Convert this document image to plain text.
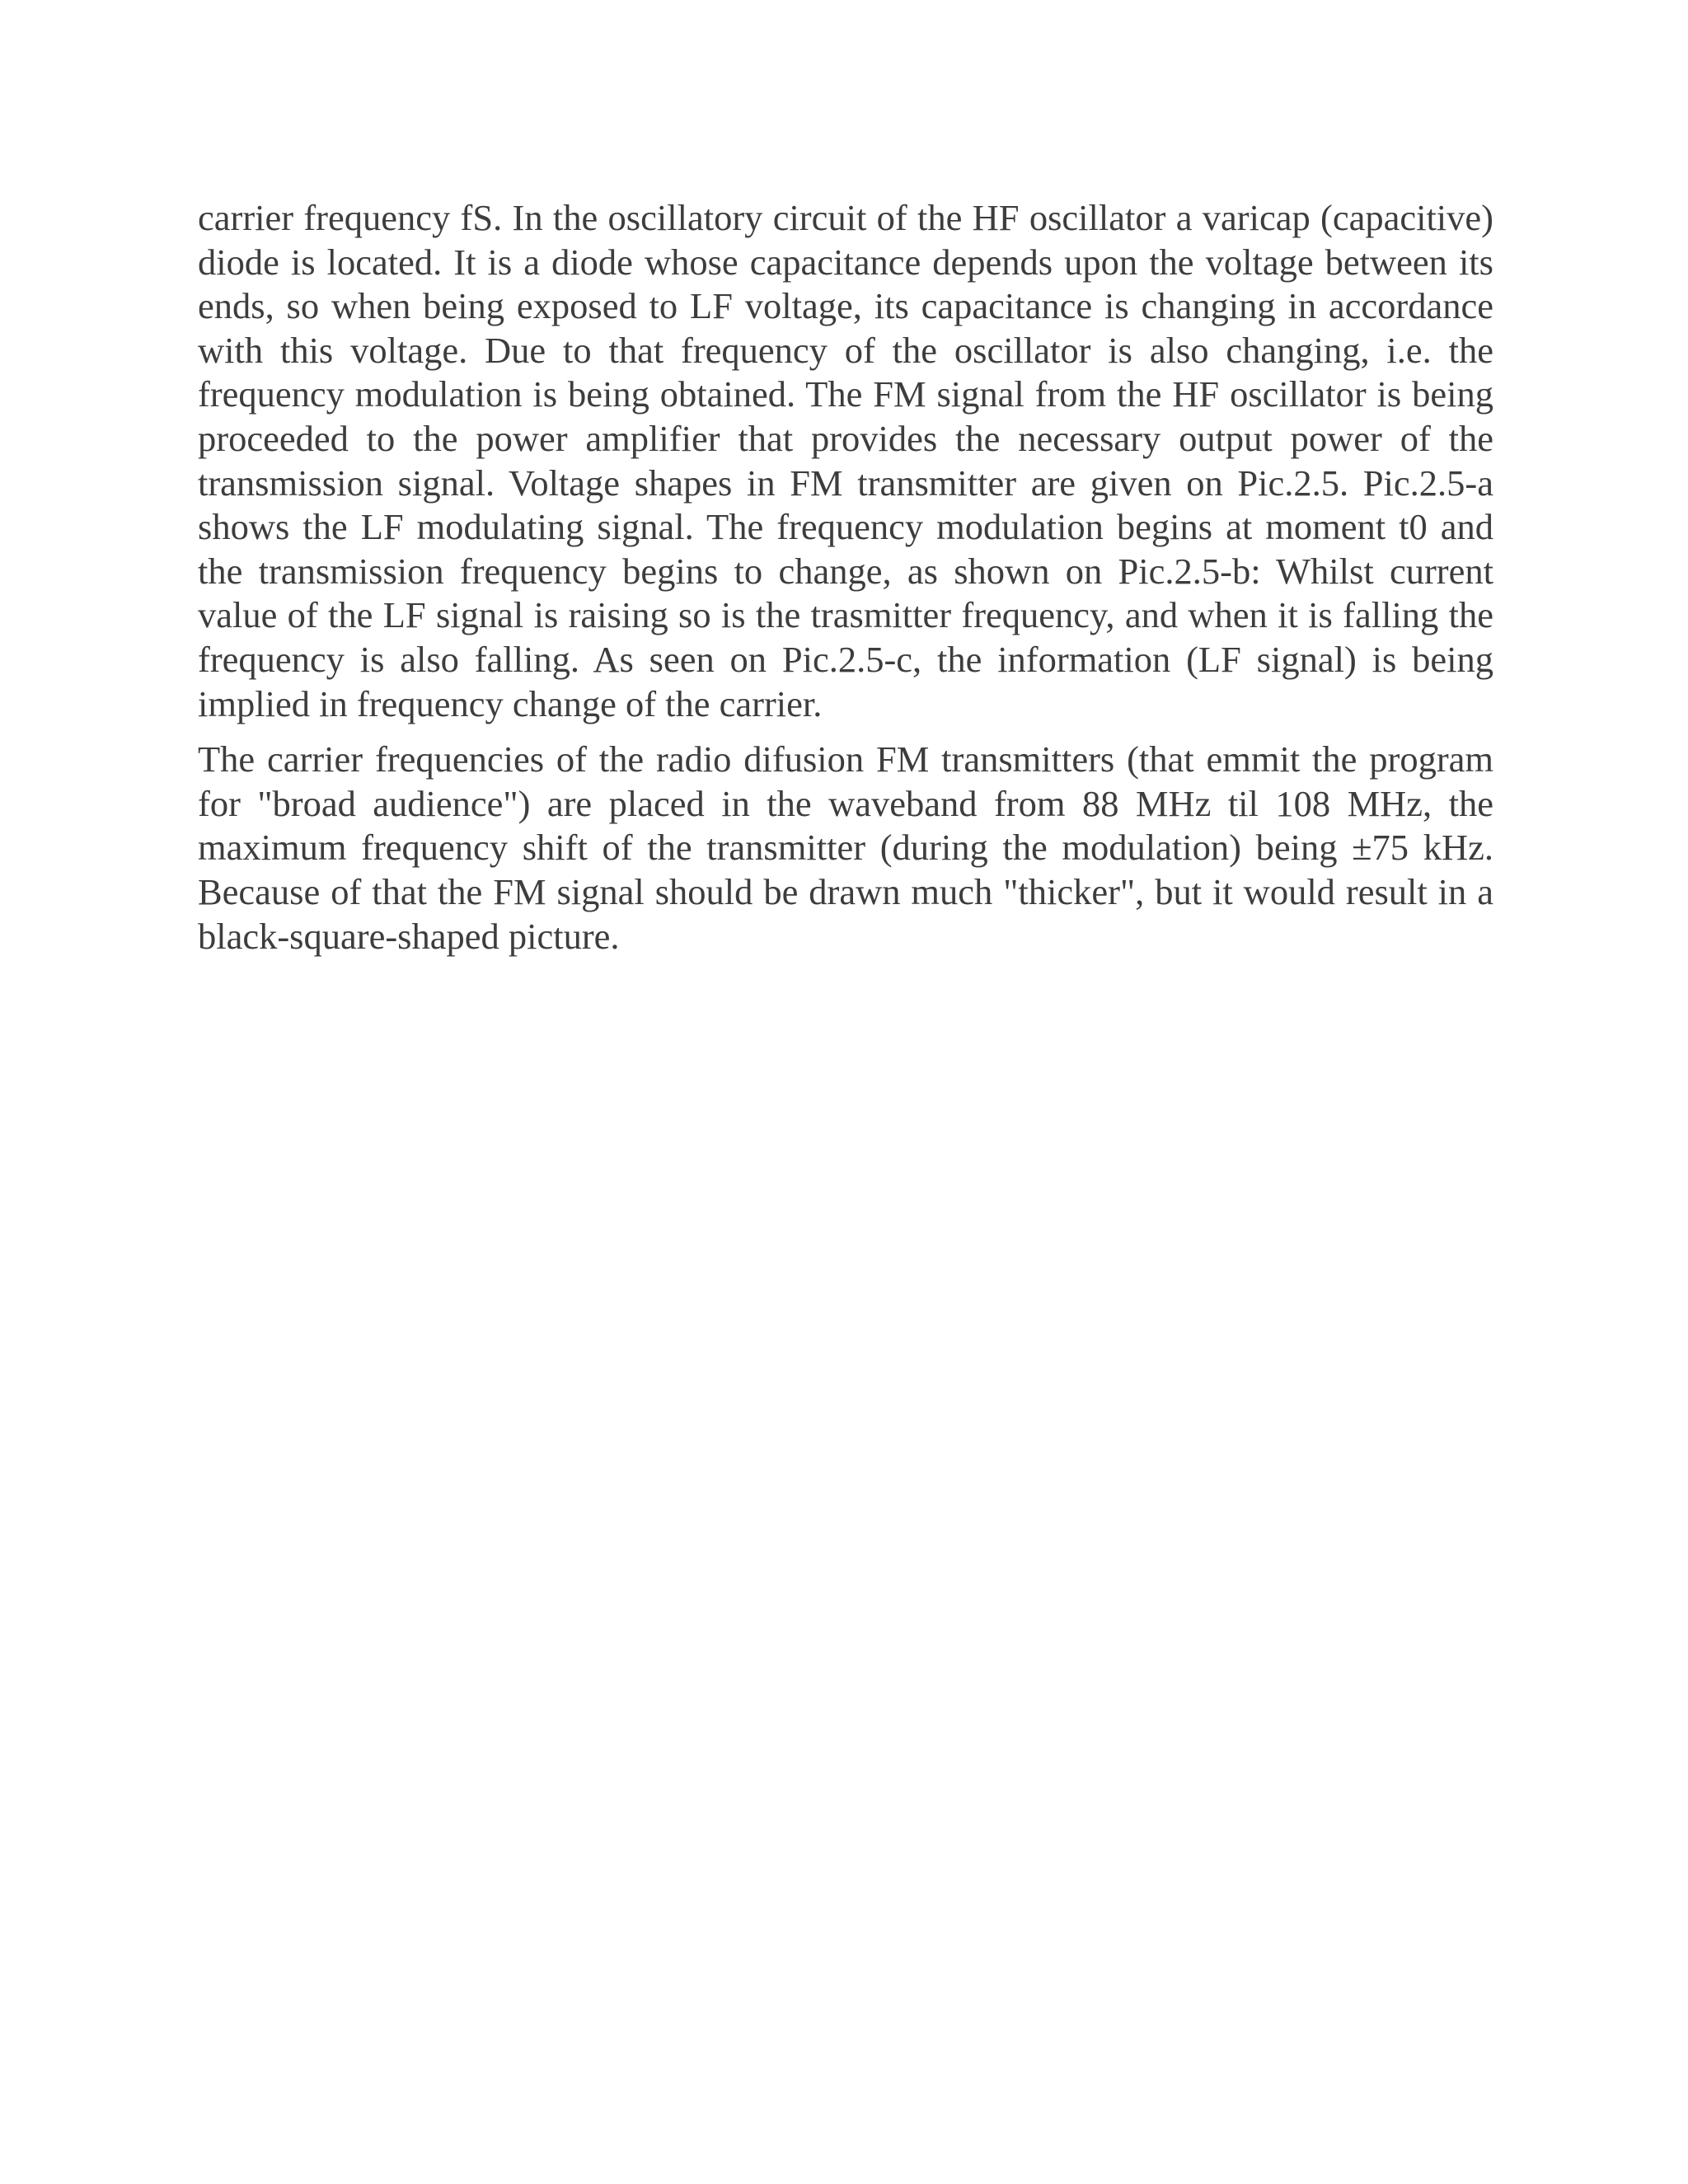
carrier frequency fS. In the oscillatory circuit of the HF oscillator a varicap (capacitive) diode is located. It is a diode whose capacitance depends upon the voltage between its ends, so when being exposed to LF voltage, its capacitance is changing in accordance with this voltage. Due to that frequency of the oscillator is also changing, i.e. the frequency modulation is being obtained. The FM signal from the HF oscillator is being proceeded to the power amplifier that provides the necessary output power of the transmission signal. Voltage shapes in FM transmitter are given on Pic.2.5. Pic.2.5-a shows the LF modulating signal. The frequency modulation begins at moment t0 and the transmission frequency begins to change, as shown on Pic.2.5-b: Whilst current value of the LF signal is raising so is the trasmitter frequency, and when it is falling the frequency is also falling. As seen on Pic.2.5-c, the information (LF signal) is being implied in frequency change of the carrier.

The carrier frequencies of the radio difusion FM transmitters (that emmit the program for "broad audience") are placed in the waveband from 88 MHz til 108 MHz, the maximum frequency shift of the transmitter (during the modulation) being ±75 kHz. Because of that the FM signal should be drawn much "thicker", but it would result in a black-square-shaped picture.
